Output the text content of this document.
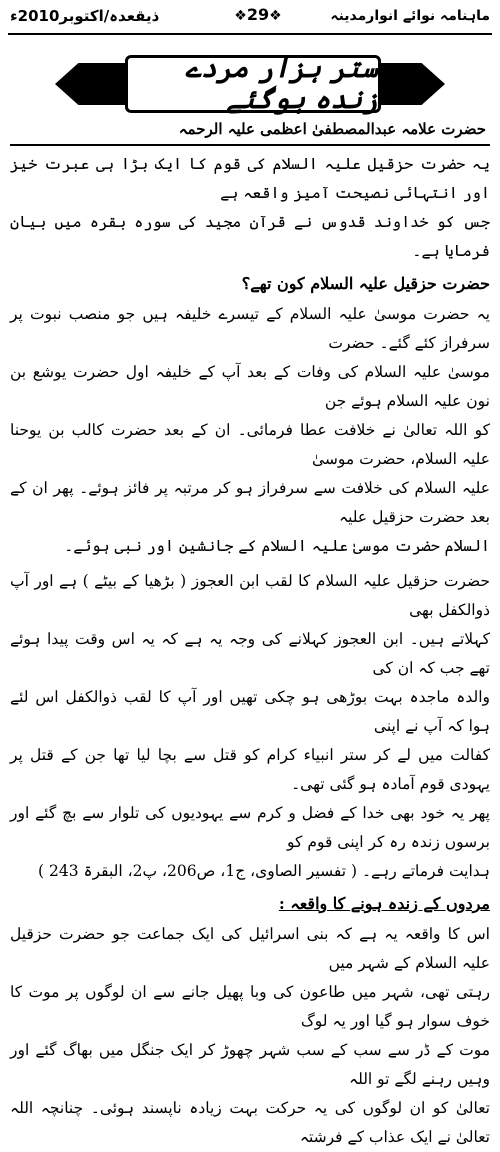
ذیقعدہ/اکتوبر2010ء	❖29❖	ماہنامہ نوائے انوارمدینہ
ستر ہزار مردے زندہ ہوگئے
حضرت علامہ عبدالمصطفیٰ اعظمی علیہ الرحمہ

یہ حضرت حزقیل علیہ السلام کی قوم کا ایک بڑا ہی عبرت خیز اور انتہائی نصیحت آمیز واقعہ ہے
جس کو خداوند قدوس نے قرآن مجید کی سورہ بقرہ میں بیان فرمایا ہے۔

حضرت حزقیل علیہ السلام کون تھے؟

یہ حضرت موسیٰ علیہ السلام کے تیسرے خلیفہ ہیں جو منصب نبوت پر سرفراز کئے گئے۔ حضرت
موسیٰ علیہ السلام کی وفات کے بعد آپ کے خلیفہ اول حضرت یوشع بن نون علیہ السلام ہوئے جن
کو اللہ تعالیٰ نے خلافت عطا فرمائی۔ ان کے بعد حضرت کالب بن یوحنا علیہ السلام، حضرت موسیٰ
علیہ السلام کی خلافت سے سرفراز ہو کر مرتبہ پر فائز ہوئے۔ پھر ان کے بعد حضرت حزقیل علیہ
السلام حضرت موسیٰ علیہ السلام کے جانشین اور نبی ہوئے۔

حضرت حزقیل علیہ السلام کا لقب ابن العجوز ( بڑھیا کے بیٹے ) ہے اور آپ ذوالکفل بھی
کہلاتے ہیں۔ ابن العجوز کہلانے کی وجہ یہ ہے کہ یہ اس وقت پیدا ہوئے تھے جب کہ ان کی
والدہ ماجدہ بہت بوڑھی ہو چکی تھیں اور آپ کا لقب ذوالکفل اس لئے ہوا کہ آپ نے اپنی
کفالت میں لے کر ستر انبیاء کرام کو قتل سے بچا لیا تھا جن کے قتل پر یہودی قوم آمادہ ہو گئی تھی۔
پھر یہ خود بھی خدا کے فضل و کرم سے یہودیوں کی تلوار سے بچ گئے اور برسوں زندہ رہ کر اپنی قوم کو
ہدایت فرماتے رہے۔ ( تفسیر الصاوی، ج1، ص206، پ2، البقرۃ 243 )

مردوں کے زندہ ہونے کا واقعہ :

اس کا واقعہ یہ ہے کہ بنی اسرائیل کی ایک جماعت جو حضرت حزقیل علیہ السلام کے شہر میں
رہتی تھی، شہر میں طاعون کی وبا پھیل جانے سے ان لوگوں پر موت کا خوف سوار ہو گیا اور یہ لوگ
موت کے ڈر سے سب کے سب شہر چھوڑ کر ایک جنگل میں بھاگ گئے اور وہیں رہنے لگے تو اللہ
تعالیٰ کو ان لوگوں کی یہ حرکت بہت زیادہ ناپسند ہوئی۔ چنانچہ اللہ تعالیٰ نے ایک عذاب کے فرشتہ
